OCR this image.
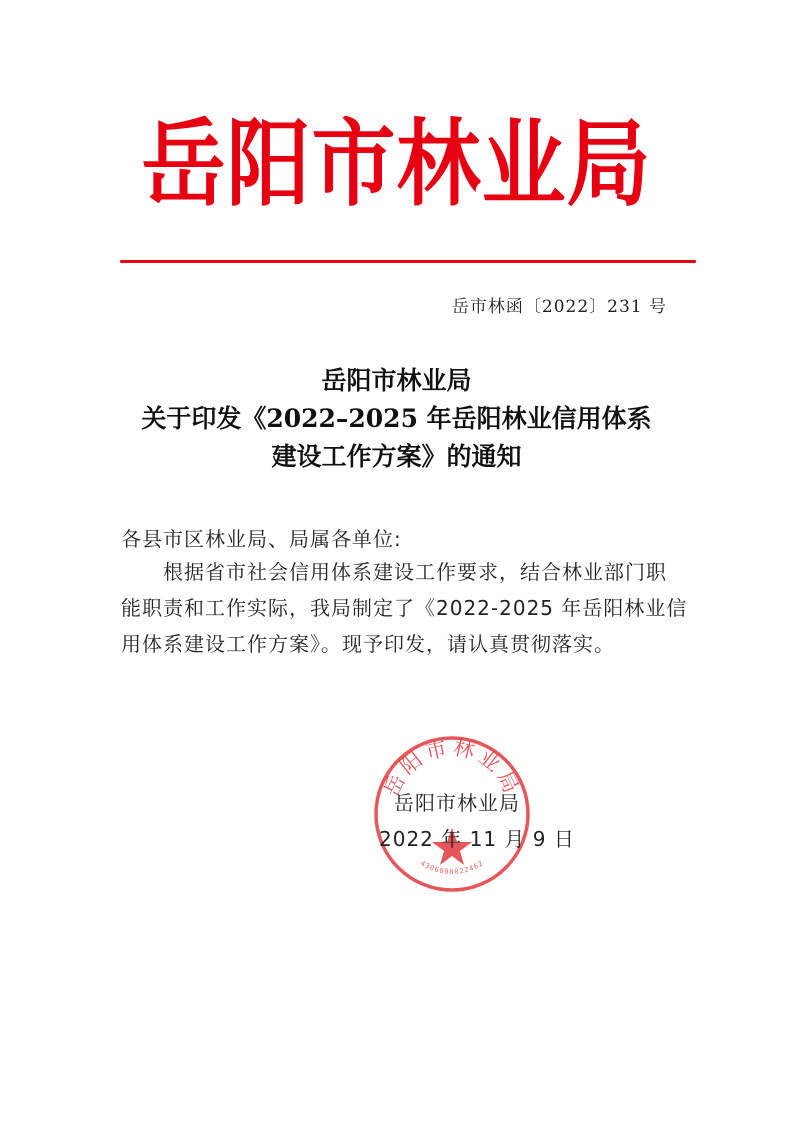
岳阳市林业局
岳市林函〔2022〕231 号
岳阳市林业局
关于印发《2022–2025 年岳阳林业信用体系
建设工作方案》的通知
各县市区林业局、局属各单位:
　　根据省市社会信用体系建设工作要求，结合林业部门职
能职责和工作实际，我局制定了《2022-2025 年岳阳林业信
用体系建设工作方案》。现予印发，请认真贯彻落实。
岳阳市林业局
4306000022462
岳阳市林业局
2022 年 11 月 9 日
